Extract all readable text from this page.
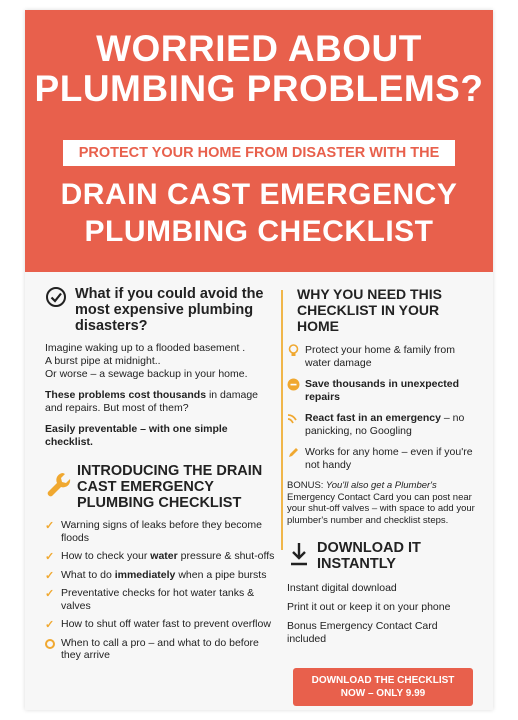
WORRIED ABOUT
PLUMBING PROBLEMS?
PROTECT YOUR HOME FROM DISASTER WITH THE
DRAIN CAST EMERGENCY
PLUMBING CHECKLIST
What if you could avoid the most expensive plumbing disasters?
Imagine waking up to a flooded basement .
A burst pipe at midnight..
Or worse – a sewage backup in your home.
These problems cost thousands in damage and repairs. But most of them?
Easily preventable – with one simple checklist.
INTRODUCING THE DRAIN CAST EMERGENCY PLUMBING CHECKLIST
✓ Warning signs of leaks before they become floods
✓ How to check your water pressure & shut-offs
✓ What to do immediately when a pipe bursts
✓ Preventative checks for hot water tanks & valves
✓ How to shut off water fast to prevent overflow
When to call a pro – and what to do before they arrive
WHY YOU NEED THIS CHECKLIST IN YOUR HOME
Protect your home & family from water damage
Save thousands in unexpected repairs
React fast in an emergency – no panicking, no Googling
Works for any home – even if you're not handy
BONUS: You'll also get a Plumber's Emergency Contact Card you can post near your shut-off valves – with space to add your plumber's number and checklist steps.
DOWNLOAD IT INSTANTLY
Instant digital download
Print it out or keep it on your phone
Bonus Emergency Contact Card included
DOWNLOAD THE CHECKLIST
NOW – ONLY 9.99
